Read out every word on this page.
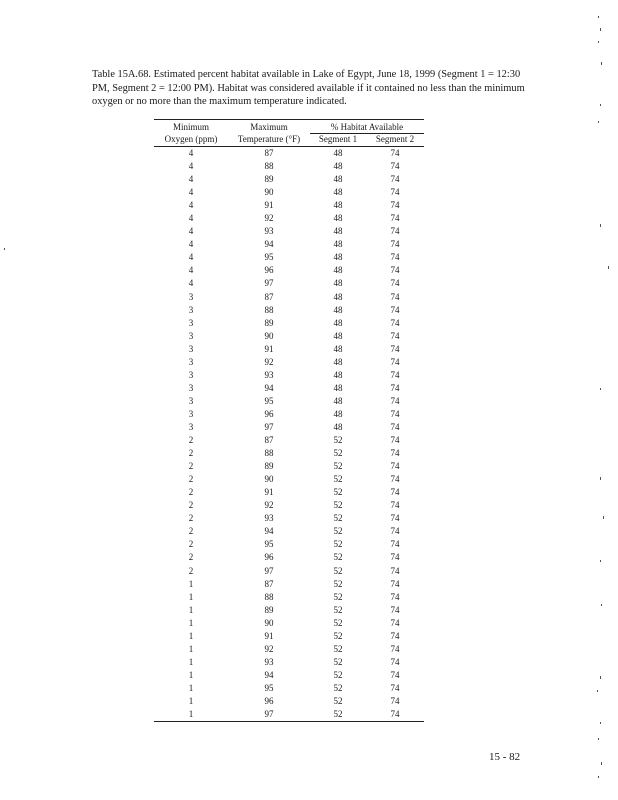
Table 15A.68. Estimated percent habitat available in Lake of Egypt, June 18, 1999 (Segment 1 = 12:30 PM, Segment 2 = 12:00 PM). Habitat was considered available if it contained no less than the minimum oxygen or no more than the maximum temperature indicated.

Minimum	Maximum	% Habitat Available	
Oxygen (ppm)	Temperature (°F)	Segment 1	Segment 2
4	87	48	74
4	88	48	74
4	89	48	74
4	90	48	74
4	91	48	74
4	92	48	74
4	93	48	74
4	94	48	74
4	95	48	74
4	96	48	74
4	97	48	74
3	87	48	74
3	88	48	74
3	89	48	74
3	90	48	74
3	91	48	74
3	92	48	74
3	93	48	74
3	94	48	74
3	95	48	74
3	96	48	74
3	97	48	74
2	87	52	74
2	88	52	74
2	89	52	74
2	90	52	74
2	91	52	74
2	92	52	74
2	93	52	74
2	94	52	74
2	95	52	74
2	96	52	74
2	97	52	74
1	87	52	74
1	88	52	74
1	89	52	74
1	90	52	74
1	91	52	74
1	92	52	74
1	93	52	74
1	94	52	74
1	95	52	74
1	96	52	74
1	97	52	74

15 - 82
